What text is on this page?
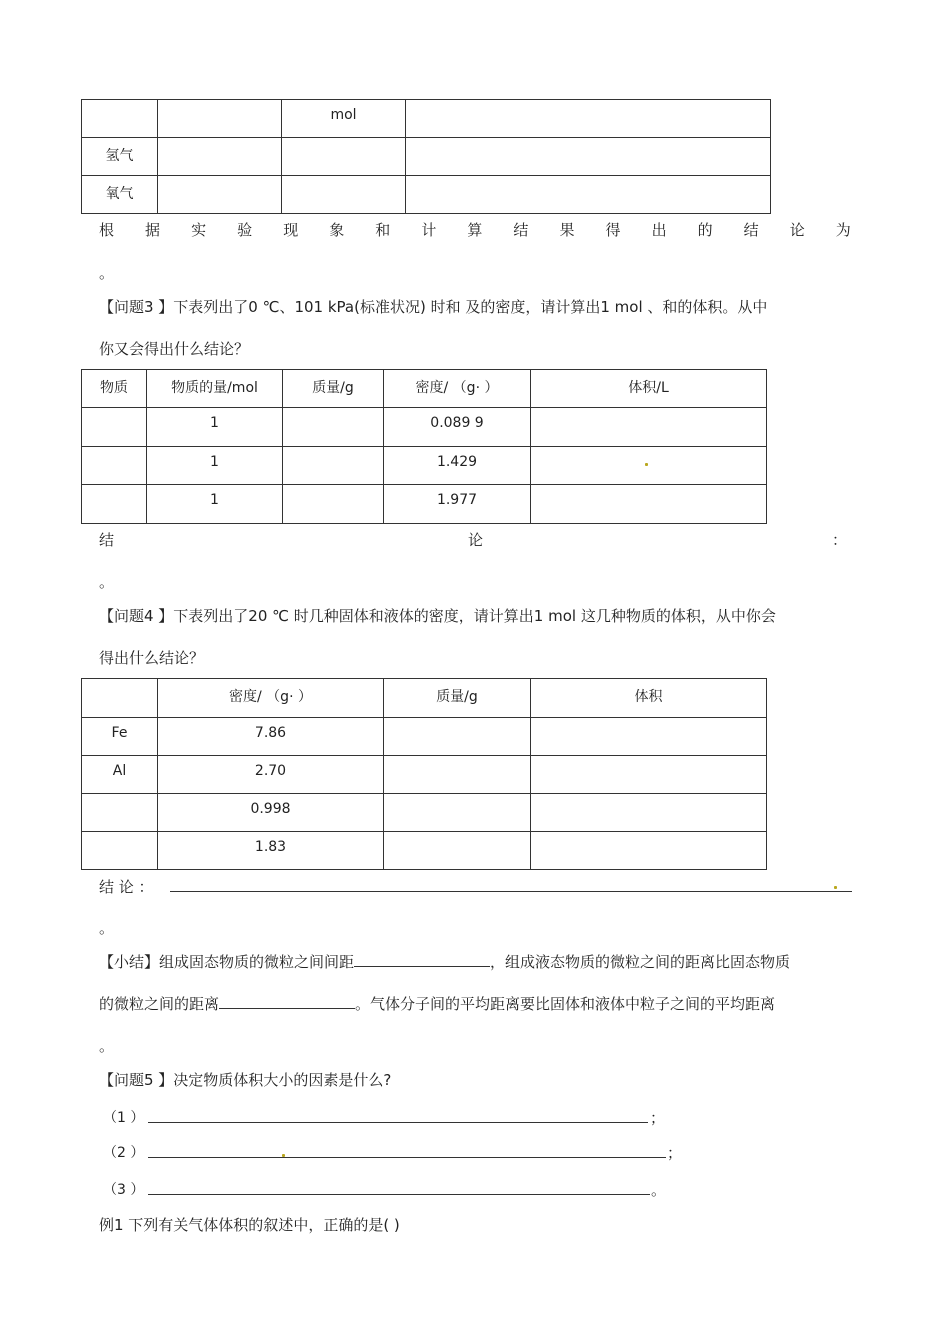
		mol	

氢气			

氧气			

根 据 实 验 现 象 和 计 算 结 果 得 出 的 结 论 为
。
【问题3 】下表列出了0 ℃、101 kPa(标准状况) 时和 及的密度，请计算出1 mol 、和的体积。从中
你又会得出什么结论？
物质	物质的量/mol	质量/g	密度/ （g· ）	体积/L

	1		0.089 9	

	1		1.429	

	1		1.977	

结	论	：
。
【问题4 】下表列出了20 ℃ 时几种固体和液体的密度，请计算出1 mol 这几种物质的体积，从中你会
得出什么结论？

	密度/ （g· ）	质量/g	体积

Fe	7.86		

Al	2.70		

	0.998		

	1.83		

结 论 ：
。
【小结】组成固态物质的微粒之间间距	，组成液态物质的微粒之间的距离比固态物质
的微粒之间的距离	。气体分子间的平均距离要比固体和液体中粒子之间的平均距离
。
【问题5 】决定物质体积大小的因素是什么?
（1 ）	；
（2 ）	；
（3 ）	。
例1 下列有关气体体积的叙述中，正确的是( )
